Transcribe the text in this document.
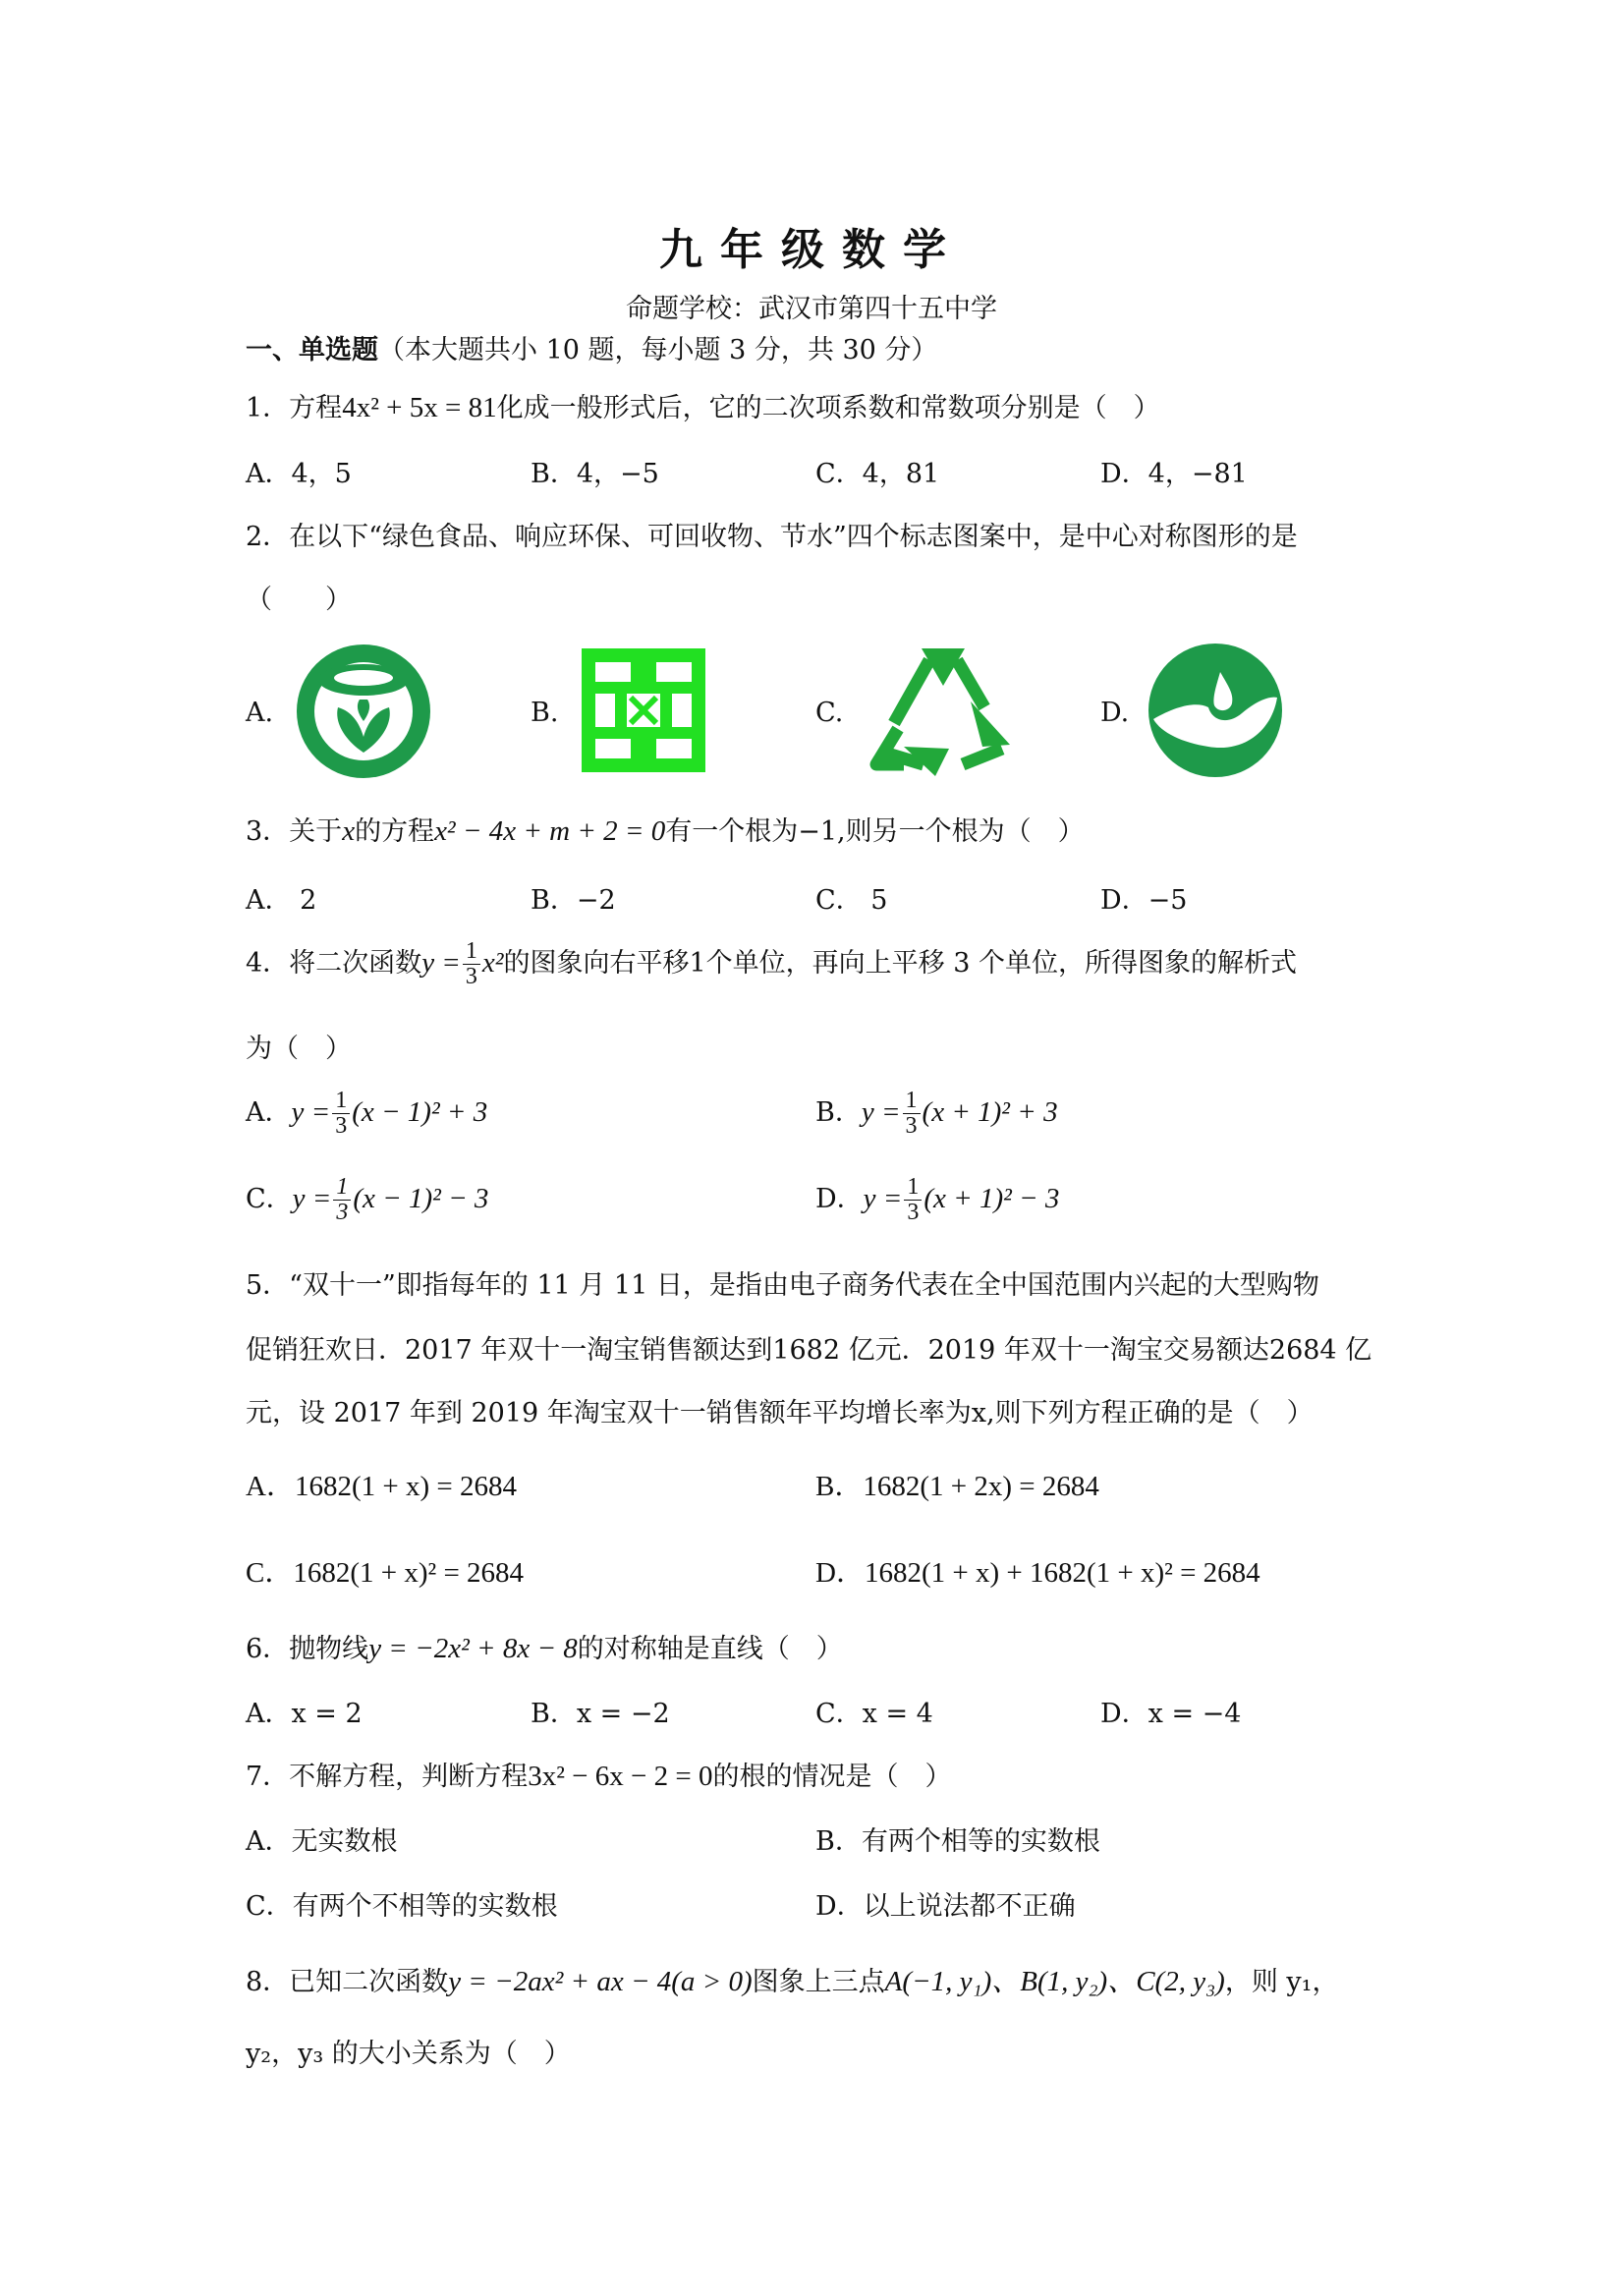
九年级数学
命题学校：武汉市第四十五中学
一、单选题（本大题共小 10 题，每小题 3 分，共 30 分）
1．方程4x² + 5x = 81化成一般形式后，它的二次项系数和常数项分别是（　）
A．4，5	B．4，−5	C．4，81	D．4，−81
2．在以下“绿色食品、响应环保、可回收物、节水”四个标志图案中，是中心对称图形的是
（　　）
A.	B.	C.	D.
3．关于x的方程x² − 4x + m + 2 = 0有一个根为−1,则另一个根为（　）
A． 2	B．−2	C． 5	D．−5
4．将二次函数$y = \frac{1}{3} x^2$的图象向右平移1个单位，再向上平移 3 个单位，所得图象的解析式
为（　）
A．$y = \frac{1}{3} (x - 1)^2 + 3$	B．$y = \frac{1}{3} (x + 1)^2 + 3$
C．$y = \frac{1}{3} (x - 1)^2 - 3$	D．$y = \frac{1}{3} (x + 1)^2 - 3$
5．“双十一”即指每年的 11 月 11 日，是指由电子商务代表在全中国范围内兴起的大型购物
促销狂欢日．2017 年双十一淘宝销售额达到1682 亿元．2019 年双十一淘宝交易额达2684 亿
元，设 2017 年到 2019 年淘宝双十一销售额年平均增长率为x,则下列方程正确的是（　）
A．1682(1 + x) = 2684	B．1682(1 + 2x) = 2684
C．1682(1 + x)² = 2684	D．1682(1 + x) + 1682(1 + x)² = 2684
6．抛物线y = −2x² + 8x − 8的对称轴是直线（　）
A．x = 2	B．x = −2	C．x = 4	D．x = −4
7．不解方程，判断方程3x² − 6x − 2 = 0的根的情况是（　）
A．无实数根	B．有两个相等的实数根
C．有两个不相等的实数根	D．以上说法都不正确
8．已知二次函数y = −2ax² + ax − 4(a > 0)图象上三点A(−1, y₁)、B(1, y₂)、C(2, y₃)，则 y₁，
y₂，y₃ 的大小关系为（　）
